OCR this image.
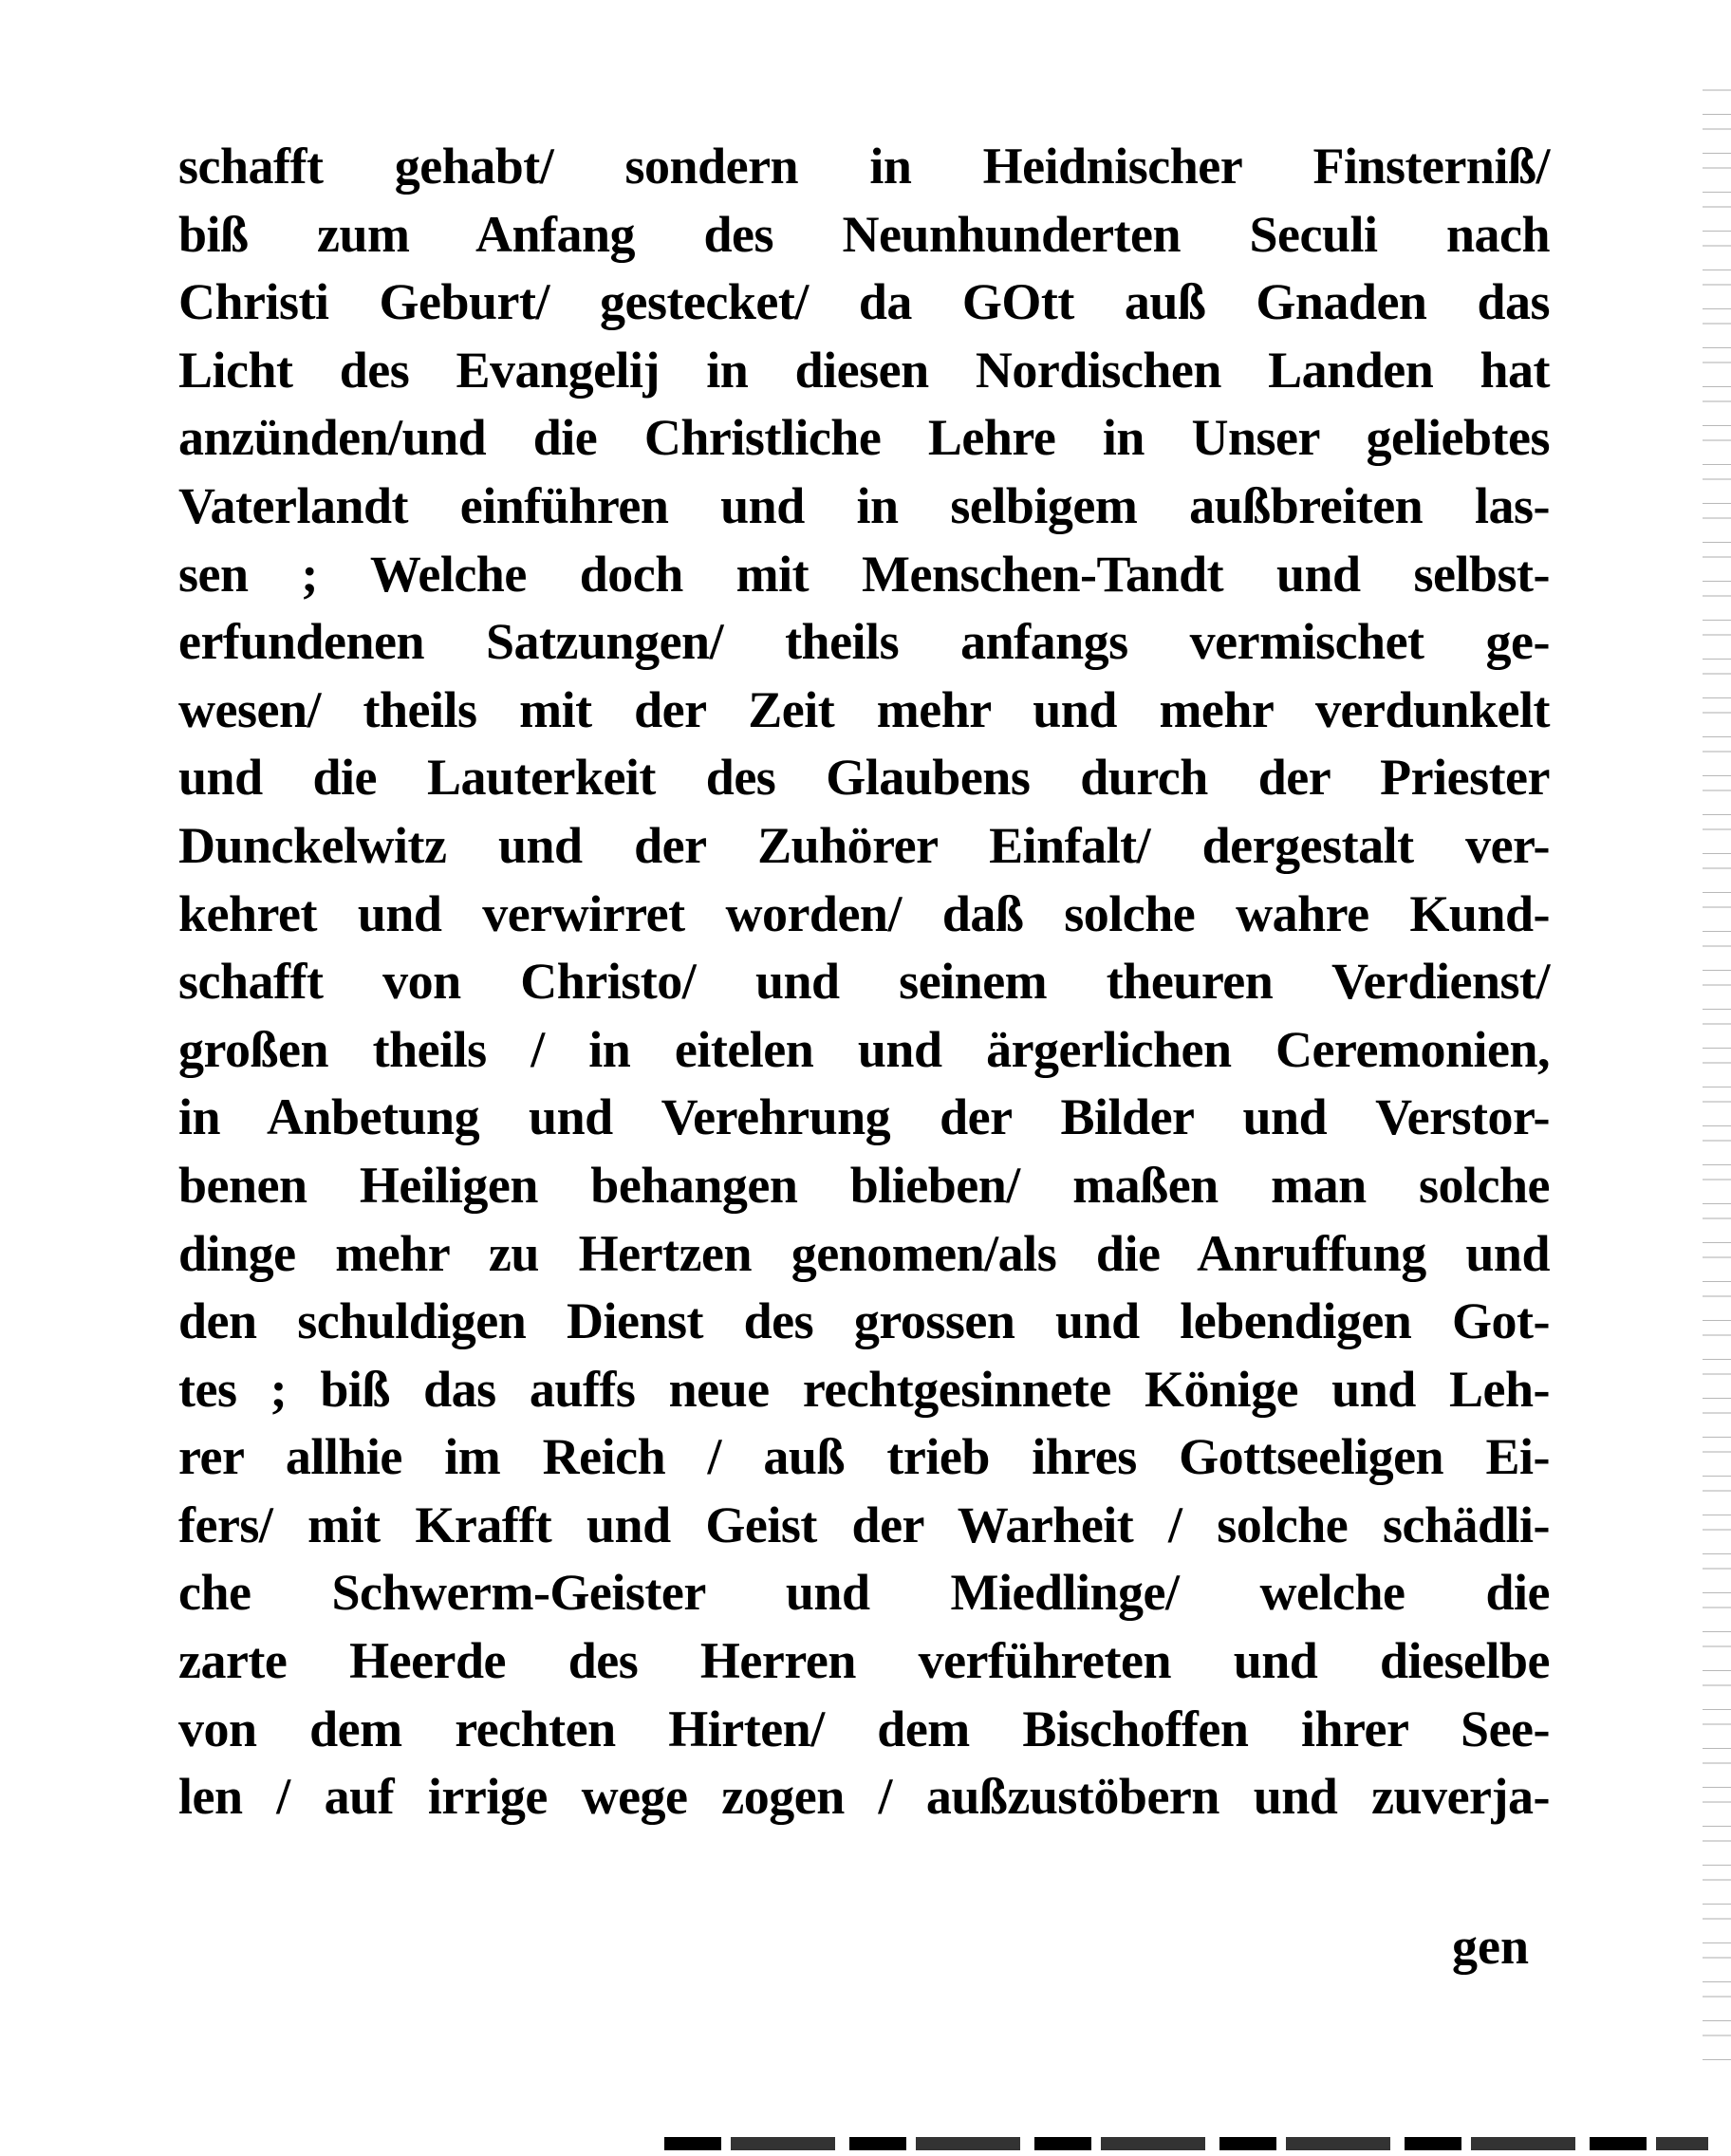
schafft gehabt/ sondern in Heidnischer Finsterniß/
biß zum Anfang des Neunhunderten Seculi nach
Christi Geburt/ gestecket/ da GOtt auß Gnaden das
Licht des Evangelij in diesen Nordischen Landen hat
anzünden/und die Christliche Lehre in Unser geliebtes
Vaterlandt einführen und in selbigem außbreiten las-
sen ; Welche doch mit Menschen-Tandt und selbst-
erfundenen Satzungen/ theils anfangs vermischet ge-
wesen/ theils mit der Zeit mehr und mehr verdunkelt
und die Lauterkeit des Glaubens durch der Priester
Dunckelwitz und der Zuhörer Einfalt/ dergestalt ver-
kehret und verwirret worden/ daß solche wahre Kund-
schafft von Christo/ und seinem theuren Verdienst/
großen theils / in eitelen und ärgerlichen Ceremonien,
in Anbetung und Verehrung der Bilder und Verstor-
benen Heiligen behangen blieben/ maßen man solche
dinge mehr zu Hertzen genomen/als die Anruffung und
den schuldigen Dienst des grossen und lebendigen Got-
tes ; biß das auffs neue rechtgesinnete Könige und Leh-
rer allhie im Reich / auß trieb ihres Gottseeligen Ei-
fers/ mit Krafft und Geist der Warheit / solche schädli-
che Schwerm-Geister und Miedlinge/ welche die
zarte Heerde des Herren verführeten und dieselbe
von dem rechten Hirten/ dem Bischoffen ihrer See-
len / auf irrige wege zogen / außzustöbern und zuverja-
gen
